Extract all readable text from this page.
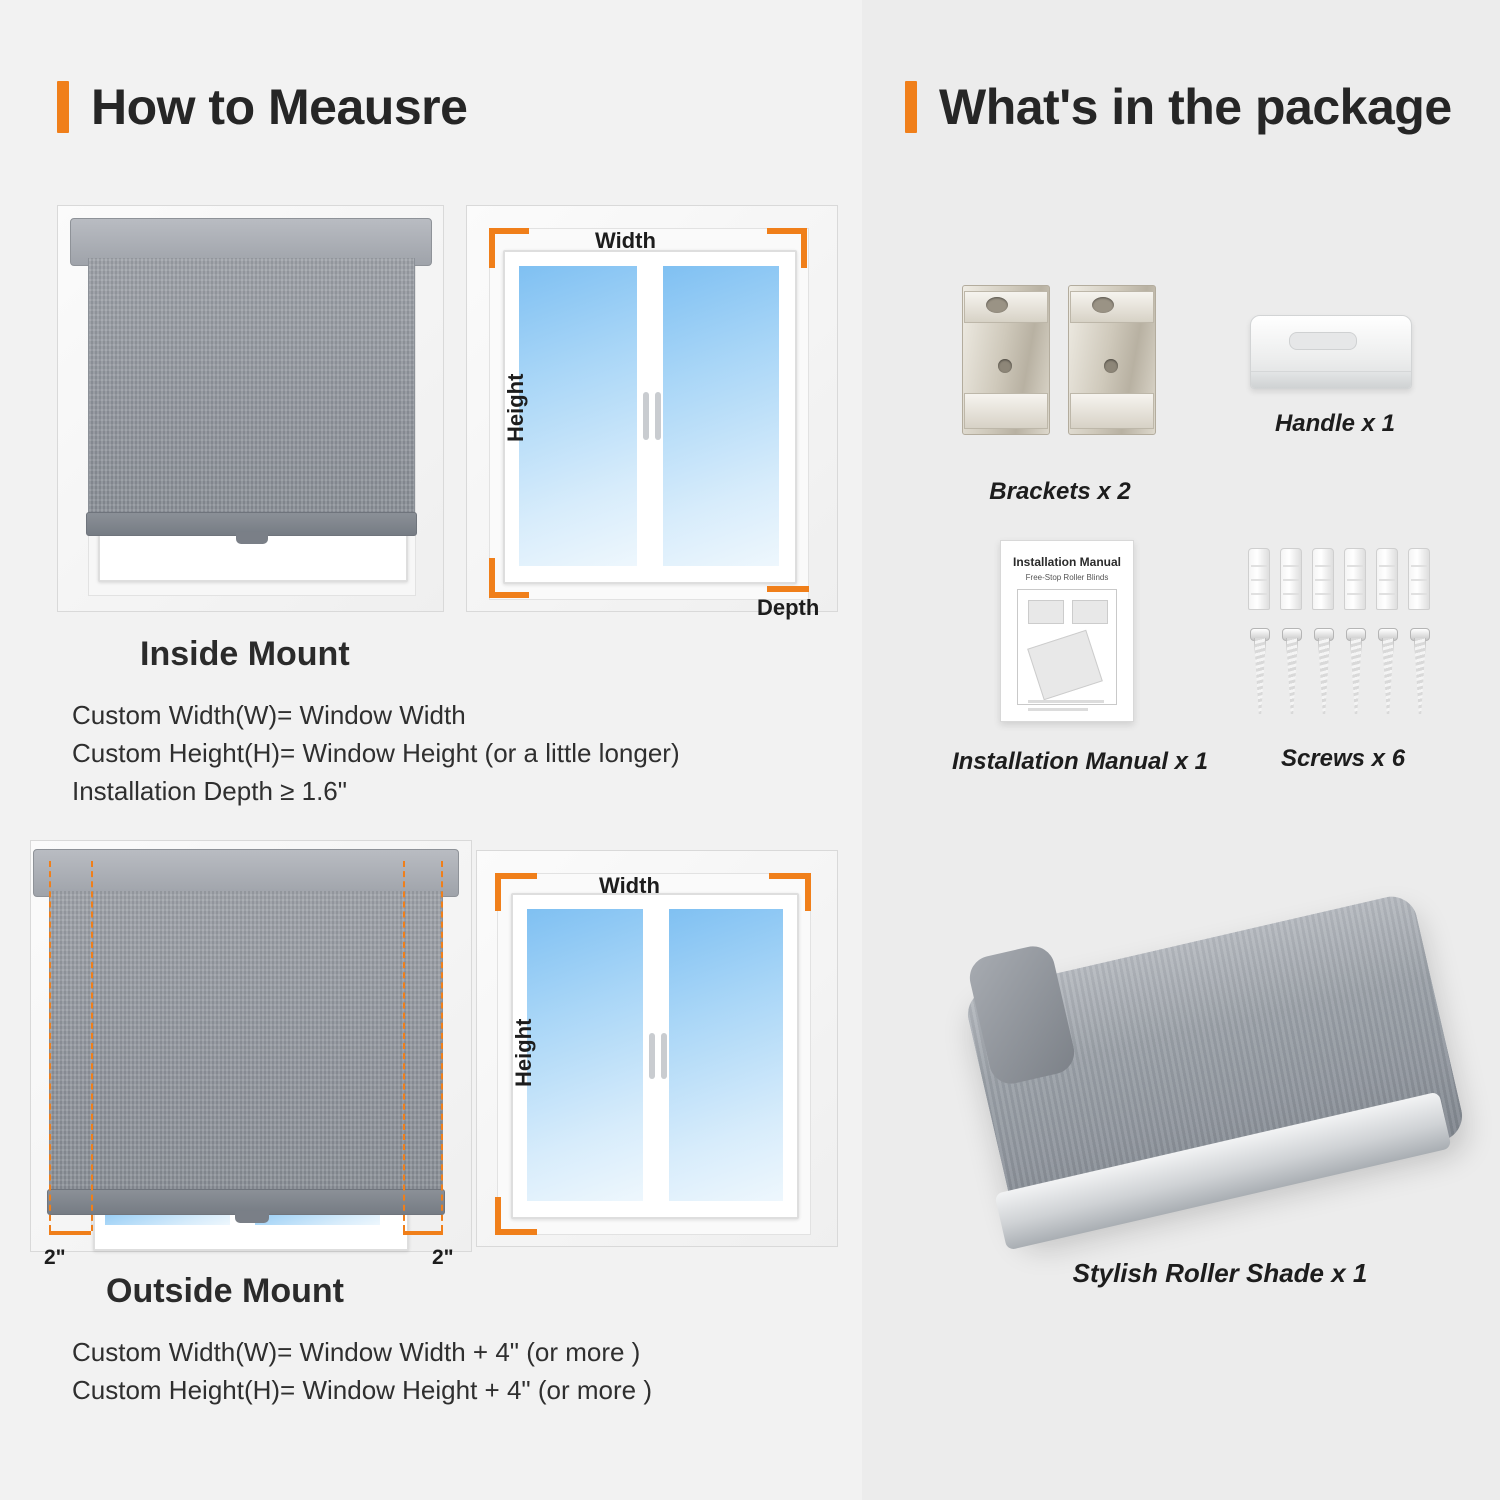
How to Meausre	What's in the package
Width
Height
Depth
Inside Mount
Custom Width(W)= Window Width
Custom Height(H)= Window Height (or a little longer)
Installation Depth ≥ 1.6"
2"	2"
Width
Height
Outside Mount
Custom Width(W)= Window Width + 4" (or more )
Custom Height(H)= Window Height + 4" (or more )
Brackets x 2
Handle x 1
Installation Manual
Free-Stop Roller Blinds
Installation Manual x 1	Screws x 6
Stylish Roller Shade x 1
